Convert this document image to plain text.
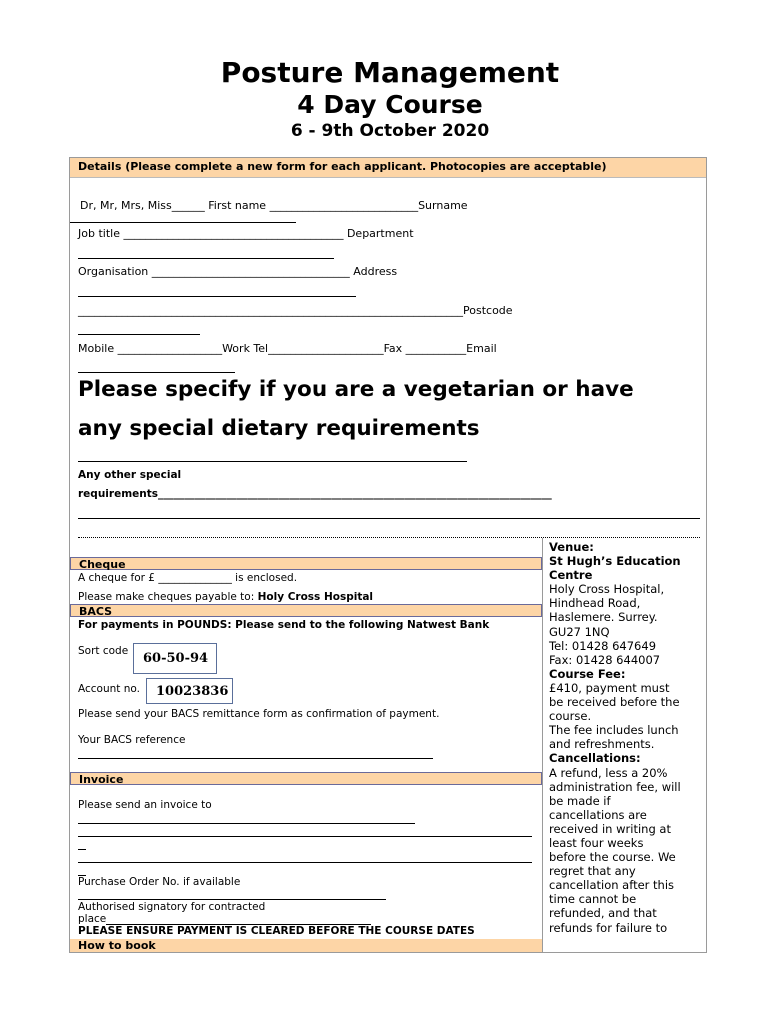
Posture Management
4 Day Course
6 - 9th October 2020
Details (Please complete a new form for each applicant. Photocopies are acceptable)
Dr, Mr, Mrs, Miss______ First name ___________________________Surname
Job title ________________________________________ Department
Organisation ____________________________________ Address
______________________________________________________________________Postcode
Mobile ___________________Work Tel_____________________Fax ___________Email
Please specify if you are a vegetarian or have
any special dietary requirements
Any other special
requirements___________________________________________________________________________
Cheque
A cheque for £ ______________ is enclosed.
Please make cheques payable to: Holy Cross Hospital
BACS
For payments in POUNDS: Please send to the following Natwest Bank
Sort code	60-50-94
Account no.	10023836
Please send your BACS remittance form as confirmation of payment.
Your BACS reference
Invoice
Please send an invoice to
Purchase Order No. if available
Authorised signatory for contracted
place
PLEASE ENSURE PAYMENT IS CLEARED BEFORE THE COURSE DATES
How to book
Venue:
St Hugh’s Education
Centre
Holy Cross Hospital,
Hindhead Road,
Haslemere. Surrey.
GU27 1NQ
Tel: 01428 647649
Fax: 01428 644007
Course Fee:
£410, payment must
be received before the
course.
The fee includes lunch
and refreshments.
Cancellations:
A refund, less a 20%
administration fee, will
be made if
cancellations are
received in writing at
least four weeks
before the course. We
regret that any
cancellation after this
time cannot be
refunded, and that
refunds for failure to
